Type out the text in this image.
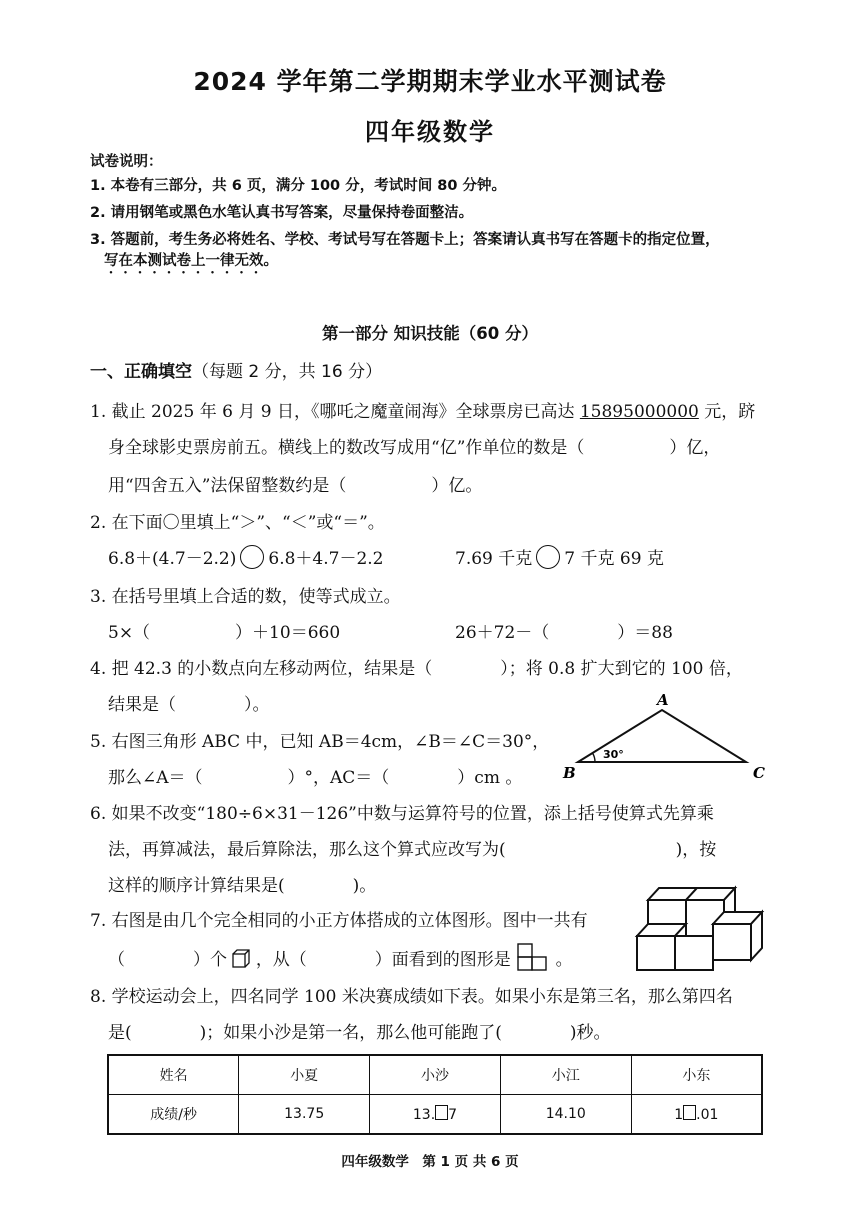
2024 学年第二学期期末学业水平测试卷
四年级数学
试卷说明：
1. 本卷有三部分，共 6 页，满分 100 分，考试时间 80 分钟。
2. 请用钢笔或黑色水笔认真书写答案，尽量保持卷面整洁。
3. 答题前，考生务必将姓名、学校、考试号写在答题卡上；答案请认真书写在答题卡的指定位置，
写在本测试卷上一律无效。
第一部分 知识技能（60 分）
一、正确填空（每题 2 分，共 16 分）
1. 截止 2025 年 6 月 9 日，《哪吒之魔童闹海》全球票房已高达 15895000000 元，跻
身全球影史票房前五。横线上的数改写成用“亿”作单位的数是（　　　　　）亿，
用“四舍五入”法保留整数约是（　　　　　）亿。
2. 在下面〇里填上“＞”、“＜”或“＝”。
6.8＋(4.7－2.2) 6.8＋4.7－2.2	7.69 千克 7 千克 69 克
3. 在括号里填上合适的数，使等式成立。
5×（　　　　　）＋10＝660	26＋72－（　　　　）＝88
4. 把 42.3 的小数点向左移动两位，结果是（　　　　）；将 0.8 扩大到它的 100 倍，
结果是（　　　　）。
5. 右图三角形 ABC 中，已知 AB＝4cm，∠B＝∠C＝30°，
那么∠A＝（　　　　　）°，AC＝（　　　　）cm 。
A
B	C
30°
6. 如果不改变“180÷6×31－126”中数与运算符号的位置，添上括号使算式先算乘
法，再算减法，最后算除法，那么这个算式应改写为(　　　　　　　　　　)，按
这样的顺序计算结果是(　　　　)。
7. 右图是由几个完全相同的小正方体搭成的立体图形。图中一共有
（　　　　）个 ，从（　　　　）面看到的图形是	。
8. 学校运动会上，四名同学 100 米决赛成绩如下表。如果小东是第三名，那么第四名
是(　　　　)；如果小沙是第一名，那么他可能跑了(　　　　)秒。
姓名	小夏	小沙	小江	小东
成绩/秒	13.75	13. 7	14.10	1 .01
四年级数学　第 1 页 共 6 页
